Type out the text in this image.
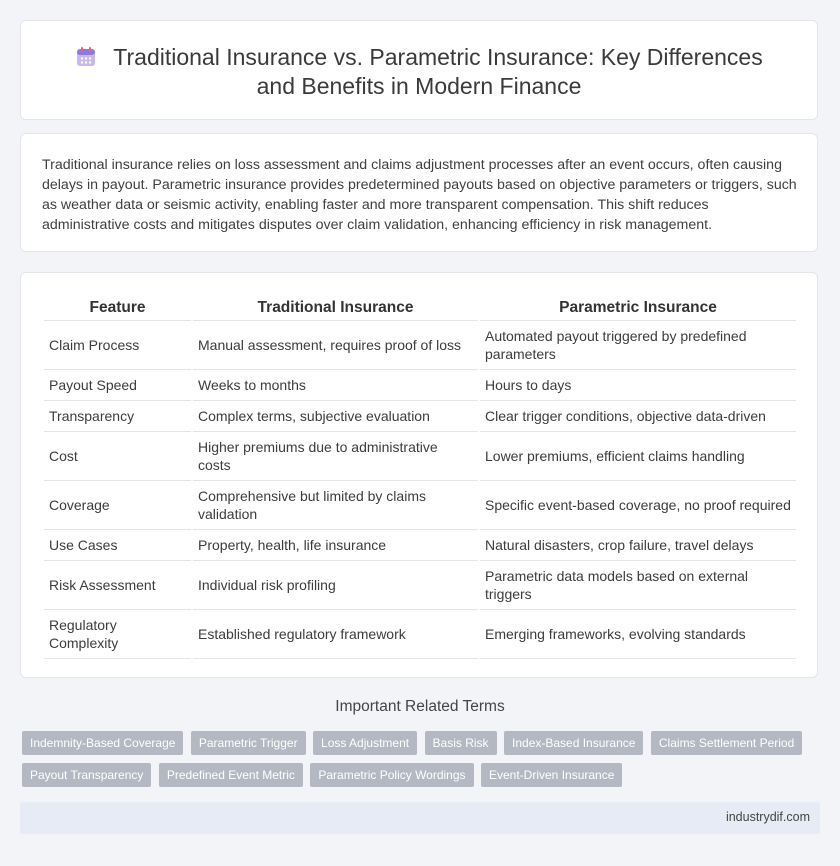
Traditional Insurance vs. Parametric Insurance: Key Differences
and Benefits in Modern Finance

Traditional insurance relies on loss assessment and claims adjustment processes after an event occurs, often causing delays in payout. Parametric insurance provides predetermined payouts based on objective parameters or triggers, such as weather data or seismic activity, enabling faster and more transparent compensation. This shift reduces administrative costs and mitigates disputes over claim validation, enhancing efficiency in risk management.

Feature	Traditional Insurance	Parametric Insurance
Claim Process	Manual assessment, requires proof of loss	Automated payout triggered by predefined parameters
Payout Speed	Weeks to months	Hours to days
Transparency	Complex terms, subjective evaluation	Clear trigger conditions, objective data-driven
Cost	Higher premiums due to administrative costs	Lower premiums, efficient claims handling
Coverage	Comprehensive but limited by claims validation	Specific event-based coverage, no proof required
Use Cases	Property, health, life insurance	Natural disasters, crop failure, travel delays
Risk Assessment	Individual risk profiling	Parametric data models based on external triggers
Regulatory Complexity	Established regulatory framework	Emerging frameworks, evolving standards
Important Related Terms
Indemnity-Based Coverage Parametric Trigger Loss Adjustment Basis Risk Index-Based Insurance Claims Settlement Period Payout Transparency Predefined Event Metric Parametric Policy Wordings Event-Driven Insurance
industrydif.com
